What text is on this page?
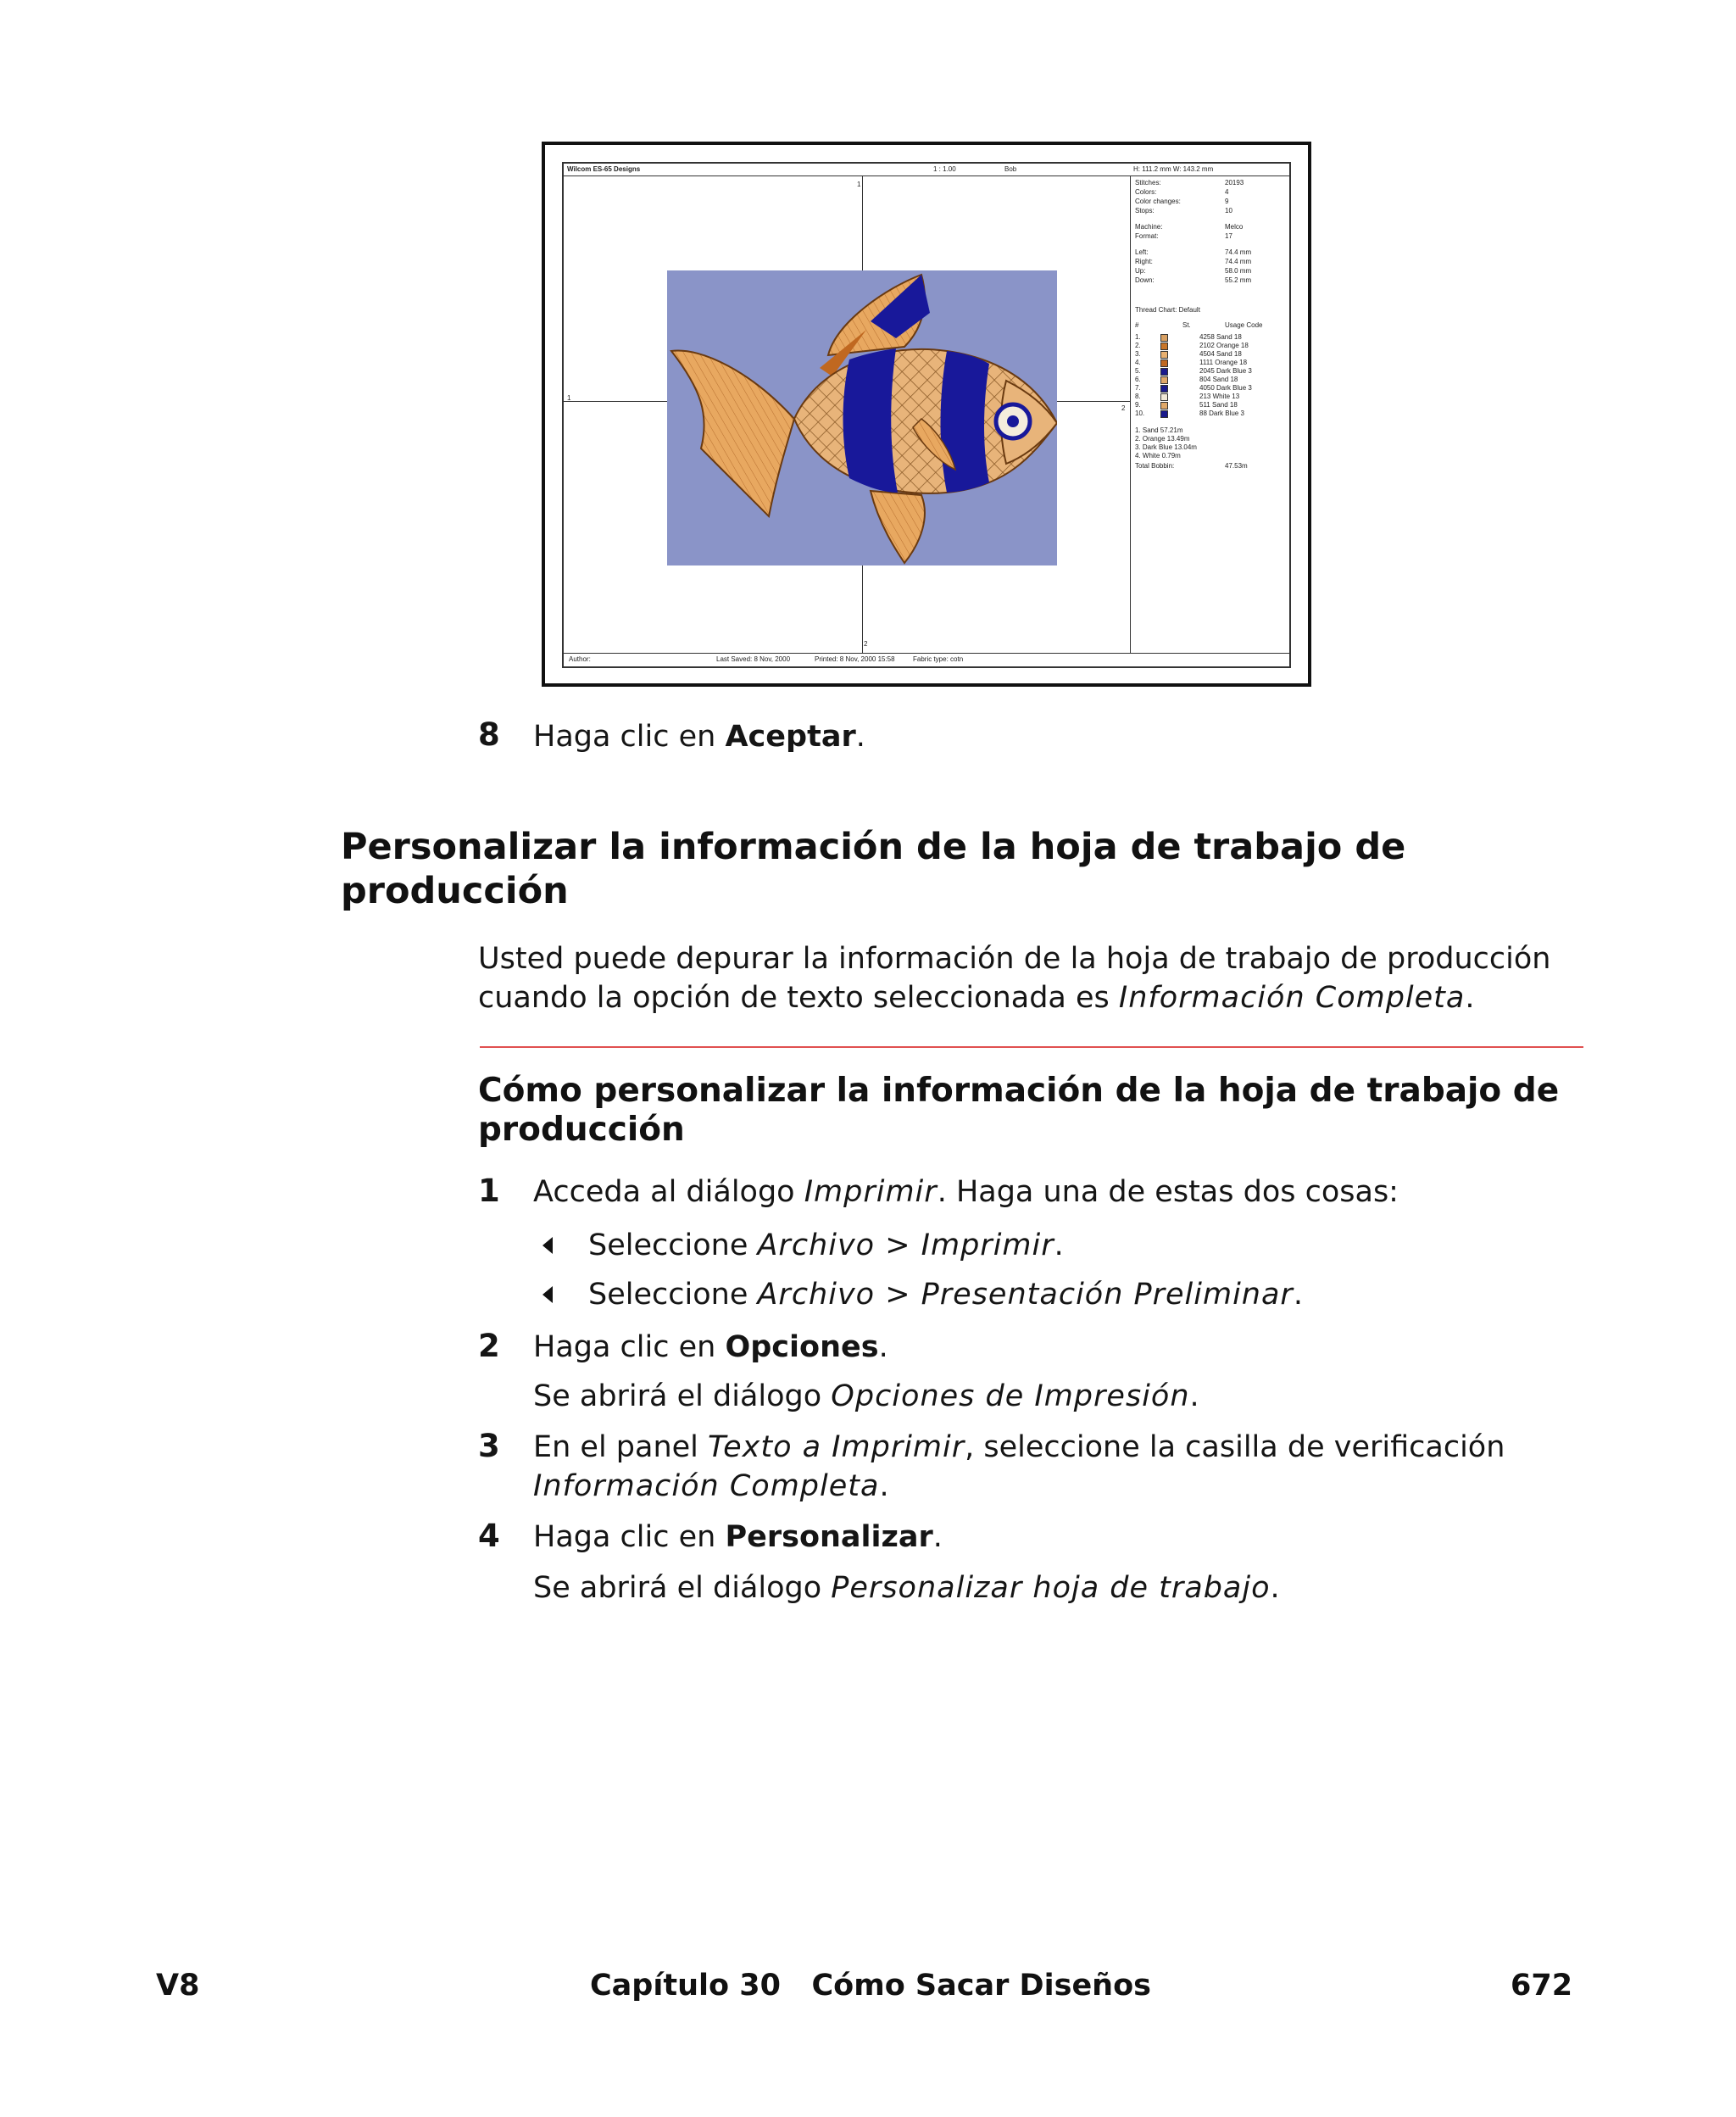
Wilcom ES-65 Designs	1 : 1.00	Bob	H: 111.2 mm W: 143.2 mm
Author:	Last Saved: 8 Nov, 2000	Printed: 8 Nov, 2000 15:58	Fabric type: cotn
1
1
2
2
Stitches:	20193
Colors:	4
Color changes:	9
Stops:	10
Machine:	Melco
Format:	17
Left:	74.4 mm
Right:	74.4 mm
Up:	58.0 mm
Down:	55.2 mm
Thread Chart: Default
#	St.	Usage Code
1.	4258 Sand 18
2.	2102 Orange 18
3.	4504 Sand 18
4.	1111 Orange 18
5.	2045 Dark Blue 3
6.	804 Sand 18
7.	4050 Dark Blue 3
8.	213 White 13
9.	511 Sand 18
10.	88 Dark Blue 3
1. Sand 57.21m
2. Orange 13.49m
3. Dark Blue 13.04m
4. White 0.79m
Total Bobbin:	47.53m
8 Haga clic en Aceptar.
Personalizar la información de la hoja de trabajo de
producción
Usted puede depurar la información de la hoja de trabajo de producción
cuando la opción de texto seleccionada es Información Completa.
Cómo personalizar la información de la hoja de trabajo de
producción
1 Acceda al diálogo Imprimir. Haga una de estas dos cosas:
Seleccione Archivo > Imprimir.
Seleccione Archivo > Presentación Preliminar.
2 Haga clic en Opciones.
Se abrirá el diálogo Opciones de Impresión.
3 En el panel Texto a Imprimir, seleccione la casilla de verificación
Información Completa.
4 Haga clic en Personalizar.
Se abrirá el diálogo Personalizar hoja de trabajo.
V8	Capítulo 30   Cómo Sacar Diseños	672
